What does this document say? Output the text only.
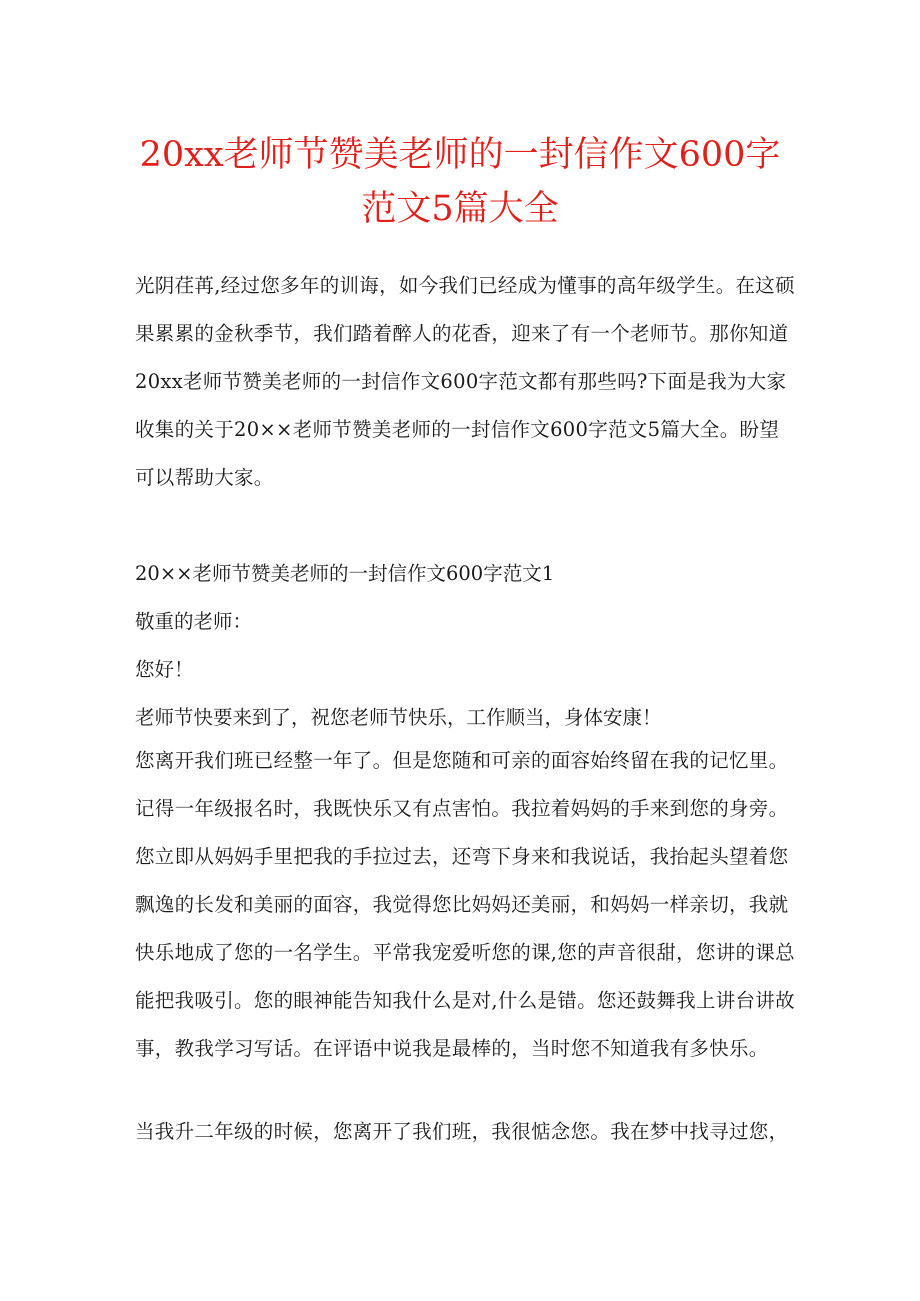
20xx老师节赞美老师的一封信作文600字
范文5篇大全

光阴荏苒,经过您多年的训诲，如今我们已经成为懂事的高年级学生。在这硕果累累的金秋季节，我们踏着醉人的花香，迎来了有一个老师节。那你知道20xx老师节赞美老师的一封信作文600字范文都有那些吗?下面是我为大家收集的关于20××老师节赞美老师的一封信作文600字范文5篇大全。盼望可以帮助大家。

20××老师节赞美老师的一封信作文600字范文1
敬重的老师：
您好！
老师节快要来到了，祝您老师节快乐，工作顺当，身体安康！

您离开我们班已经整一年了。但是您随和可亲的面容始终留在我的记忆里。记得一年级报名时，我既快乐又有点害怕。我拉着妈妈的手来到您的身旁。您立即从妈妈手里把我的手拉过去，还弯下身来和我说话，我抬起头望着您飘逸的长发和美丽的面容，我觉得您比妈妈还美丽，和妈妈一样亲切，我就快乐地成了您的一名学生。平常我宠爱听您的课,您的声音很甜，您讲的课总能把我吸引。您的眼神能告知我什么是对,什么是错。您还鼓舞我上讲台讲故事，教我学习写话。在评语中说我是最棒的，当时您不知道我有多快乐。

当我升二年级的时候，您离开了我们班，我很惦念您。我在梦中找寻过您，
